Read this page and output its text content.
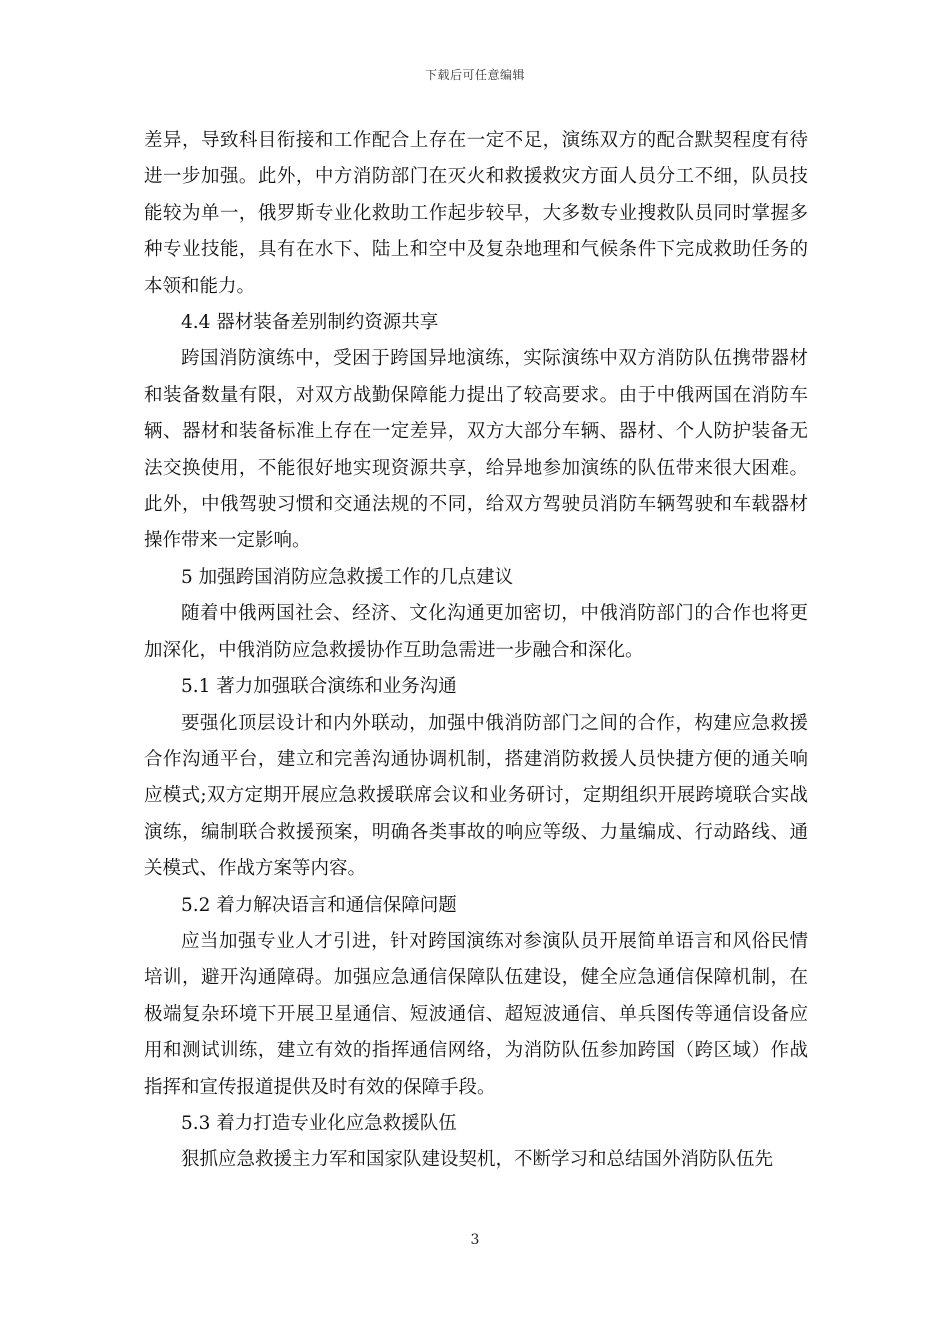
下载后可任意编辑

差异，导致科目衔接和工作配合上存在一定不足，演练双方的配合默契程度有待进一步加强。此外，中方消防部门在灭火和救援救灾方面人员分工不细，队员技能较为单一，俄罗斯专业化救助工作起步较早，大多数专业搜救队员同时掌握多种专业技能，具有在水下、陆上和空中及复杂地理和气候条件下完成救助任务的本领和能力。

4.4 器材装备差别制约资源共享

跨国消防演练中，受困于跨国异地演练，实际演练中双方消防队伍携带器材和装备数量有限，对双方战勤保障能力提出了较高要求。由于中俄两国在消防车辆、器材和装备标准上存在一定差异，双方大部分车辆、器材、个人防护装备无法交换使用，不能很好地实现资源共享，给异地参加演练的队伍带来很大困难。此外，中俄驾驶习惯和交通法规的不同，给双方驾驶员消防车辆驾驶和车载器材操作带来一定影响。

5 加强跨国消防应急救援工作的几点建议

随着中俄两国社会、经济、文化沟通更加密切，中俄消防部门的合作也将更加深化，中俄消防应急救援协作互助急需进一步融合和深化。

5.1 著力加强联合演练和业务沟通

要强化顶层设计和内外联动，加强中俄消防部门之间的合作，构建应急救援合作沟通平台，建立和完善沟通协调机制，搭建消防救援人员快捷方便的通关响应模式;双方定期开展应急救援联席会议和业务研讨，定期组织开展跨境联合实战演练，编制联合救援预案，明确各类事故的响应等级、力量编成、行动路线、通关模式、作战方案等内容。

5.2 着力解决语言和通信保障问题

应当加强专业人才引进，针对跨国演练对参演队员开展简单语言和风俗民情培训，避开沟通障碍。加强应急通信保障队伍建设，健全应急通信保障机制，在极端复杂环境下开展卫星通信、短波通信、超短波通信、单兵图传等通信设备应用和测试训练，建立有效的指挥通信网络，为消防队伍参加跨国（跨区域）作战指挥和宣传报道提供及时有效的保障手段。

5.3 着力打造专业化应急救援队伍

狠抓应急救援主力军和国家队建设契机，不断学习和总结国外消防队伍先

3
